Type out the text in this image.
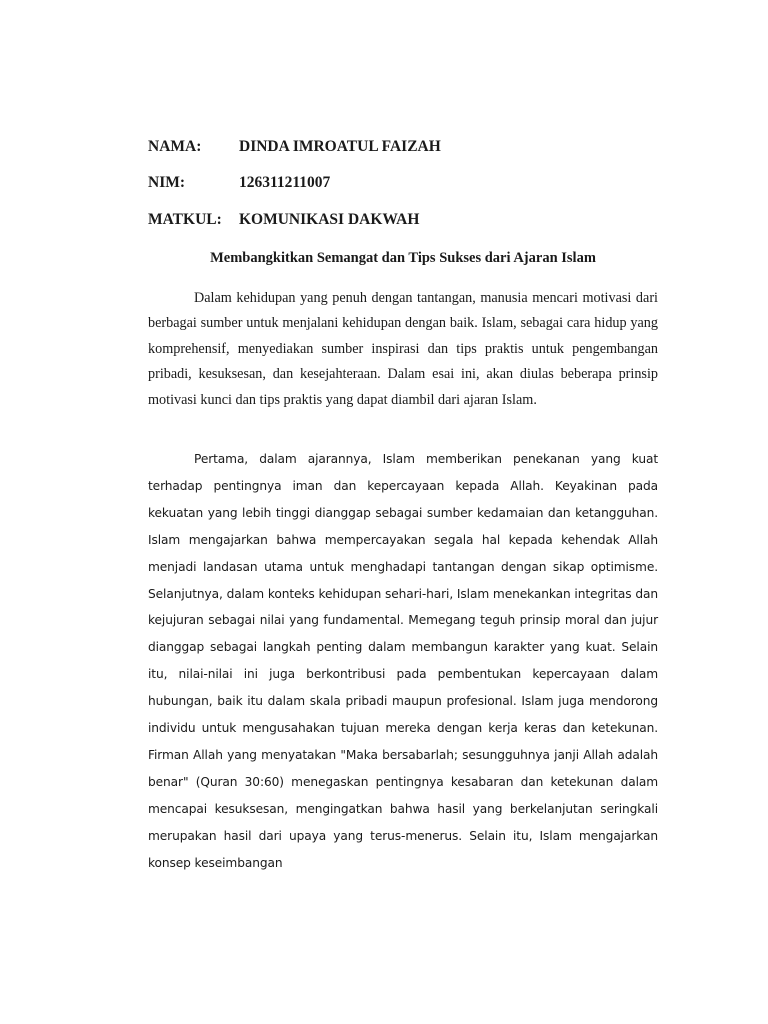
NAMA: DINDA IMROATUL FAIZAH
NIM:	126311211007
MATKUL: KOMUNIKASI DAKWAH
Membangkitkan Semangat dan Tips Sukses dari Ajaran Islam

Dalam kehidupan yang penuh dengan tantangan, manusia mencari motivasi dari berbagai sumber untuk menjalani kehidupan dengan baik. Islam, sebagai cara hidup yang komprehensif, menyediakan sumber inspirasi dan tips praktis untuk pengembangan pribadi, kesuksesan, dan kesejahteraan. Dalam esai ini, akan diulas beberapa prinsip motivasi kunci dan tips praktis yang dapat diambil dari ajaran Islam.

Pertama, dalam ajarannya, Islam memberikan penekanan yang kuat terhadap pentingnya iman dan kepercayaan kepada Allah. Keyakinan pada kekuatan yang lebih tinggi dianggap sebagai sumber kedamaian dan ketangguhan. Islam mengajarkan bahwa mempercayakan segala hal kepada kehendak Allah menjadi landasan utama untuk menghadapi tantangan dengan sikap optimisme. Selanjutnya, dalam konteks kehidupan sehari-hari, Islam menekankan integritas dan kejujuran sebagai nilai yang fundamental. Memegang teguh prinsip moral dan jujur dianggap sebagai langkah penting dalam membangun karakter yang kuat. Selain itu, nilai-nilai ini juga berkontribusi pada pembentukan kepercayaan dalam hubungan, baik itu dalam skala pribadi maupun profesional. Islam juga mendorong individu untuk mengusahakan tujuan mereka dengan kerja keras dan ketekunan. Firman Allah yang menyatakan "Maka bersabarlah; sesungguhnya janji Allah adalah benar" (Quran 30:60) menegaskan pentingnya kesabaran dan ketekunan dalam mencapai kesuksesan, mengingatkan bahwa hasil yang berkelanjutan seringkali merupakan hasil dari upaya yang terus-menerus. Selain itu, Islam mengajarkan konsep keseimbangan
